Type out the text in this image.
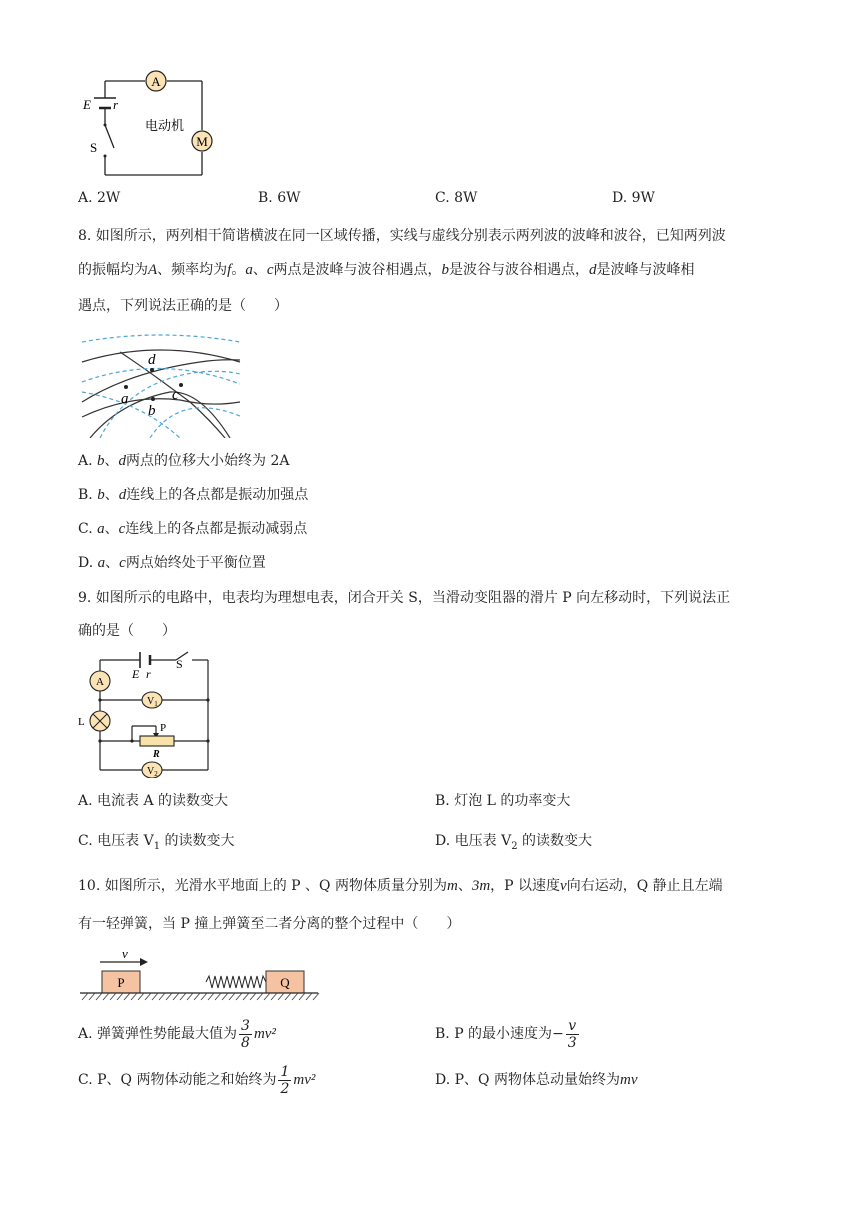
A
M
E r
S
电动机
A. 2W	B. 6W	C. 8W	D. 9W
8. 如图所示，两列相干简谐横波在同一区域传播，实线与虚线分别表示两列波的波峰和波谷，已知两列波
的振幅均为A、频率均为f。a、c两点是波峰与波谷相遇点，b是波谷与波谷相遇点，d是波峰与波峰相
遇点，下列说法正确的是（　　）
d
a
b
c
A. b、d两点的位移大小始终为 2A
B. b、d连线上的各点都是振动加强点
C. a、c连线上的各点都是振动减弱点
D. a、c两点始终处于平衡位置
9. 如图所示的电路中，电表均为理想电表，闭合开关 S，当滑动变阻器的滑片 P 向左移动时，下列说法正
确的是（　　）
A
E r
S
$V_1$
L	P
R
$V_2$
A. 电流表 A 的读数变大	B. 灯泡 L 的功率变大
C. 电压表 $V_1$ 的读数变大	D. 电压表 $V_2$ 的读数变大
10. 如图所示，光滑水平地面上的 P 、Q 两物体质量分别为m、3m，P 以速度v向右运动，Q 静止且左端
有一轻弹簧，当 P 撞上弹簧至二者分离的整个过程中（　　）
v
P	Q
A. 弹簧弹性势能最大值为 $\frac{3}{8} mv^2$	B. P 的最小速度为− $\frac{v}{3}$
C. P、Q 两物体动能之和始终为 $\frac{1}{2} mv^2$	D. P、Q 两物体总动量始终为mv
